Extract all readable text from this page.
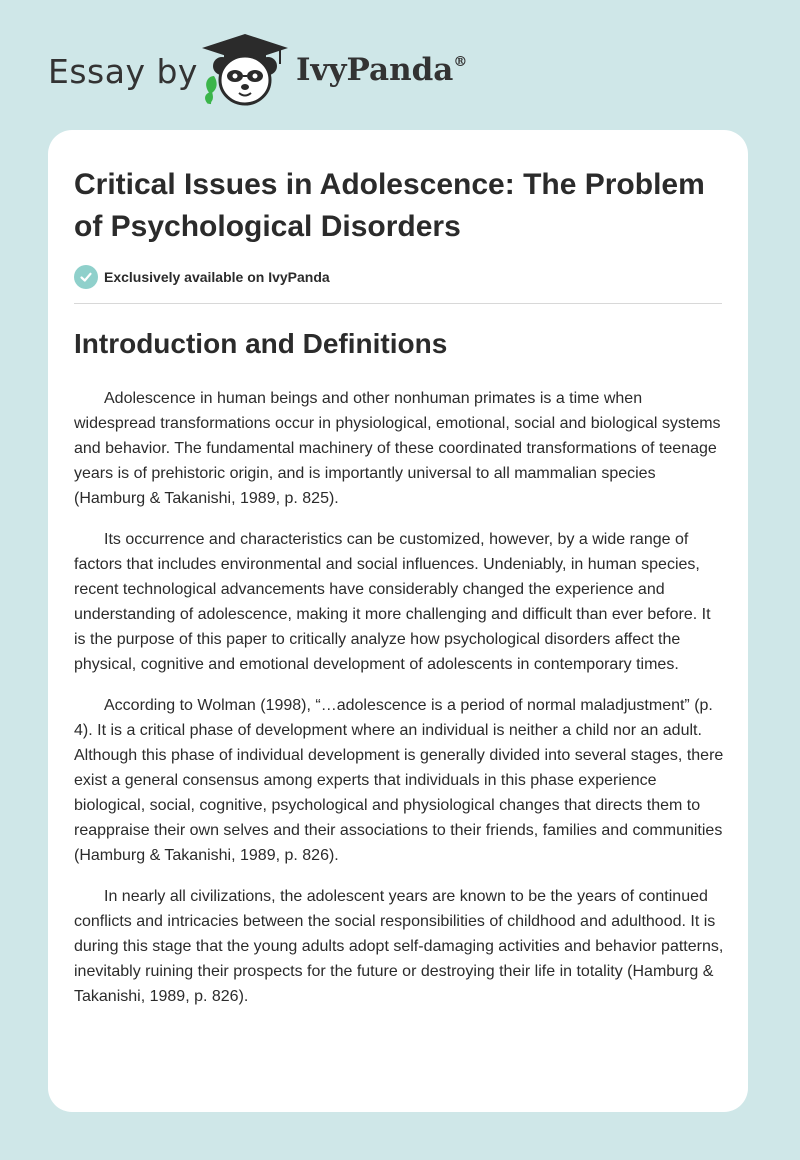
Essay by	IvyPanda®
Critical Issues in Adolescence: The Problem of Psychological Disorders
Exclusively available on IvyPanda
Introduction and Definitions

Adolescence in human beings and other nonhuman primates is a time when widespread transformations occur in physiological, emotional, social and biological systems and behavior. The fundamental machinery of these coordinated transformations of teenage years is of prehistoric origin, and is importantly universal to all mammalian species (Hamburg & Takanishi, 1989, p. 825).

Its occurrence and characteristics can be customized, however, by a wide range of factors that includes environmental and social influences. Undeniably, in human species, recent technological advancements have considerably changed the experience and understanding of adolescence, making it more challenging and difficult than ever before. It is the purpose of this paper to critically analyze how psychological disorders affect the physical, cognitive and emotional development of adolescents in contemporary times.

According to Wolman (1998), “…adolescence is a period of normal maladjustment” (p. 4). It is a critical phase of development where an individual is neither a child nor an adult. Although this phase of individual development is generally divided into several stages, there exist a general consensus among experts that individuals in this phase experience biological, social, cognitive, psychological and physiological changes that directs them to reappraise their own selves and their associations to their friends, families and communities (Hamburg & Takanishi, 1989, p. 826).

In nearly all civilizations, the adolescent years are known to be the years of continued conflicts and intricacies between the social responsibilities of childhood and adulthood. It is during this stage that the young adults adopt self-damaging activities and behavior patterns, inevitably ruining their prospects for the future or destroying their life in totality (Hamburg & Takanishi, 1989, p. 826).
